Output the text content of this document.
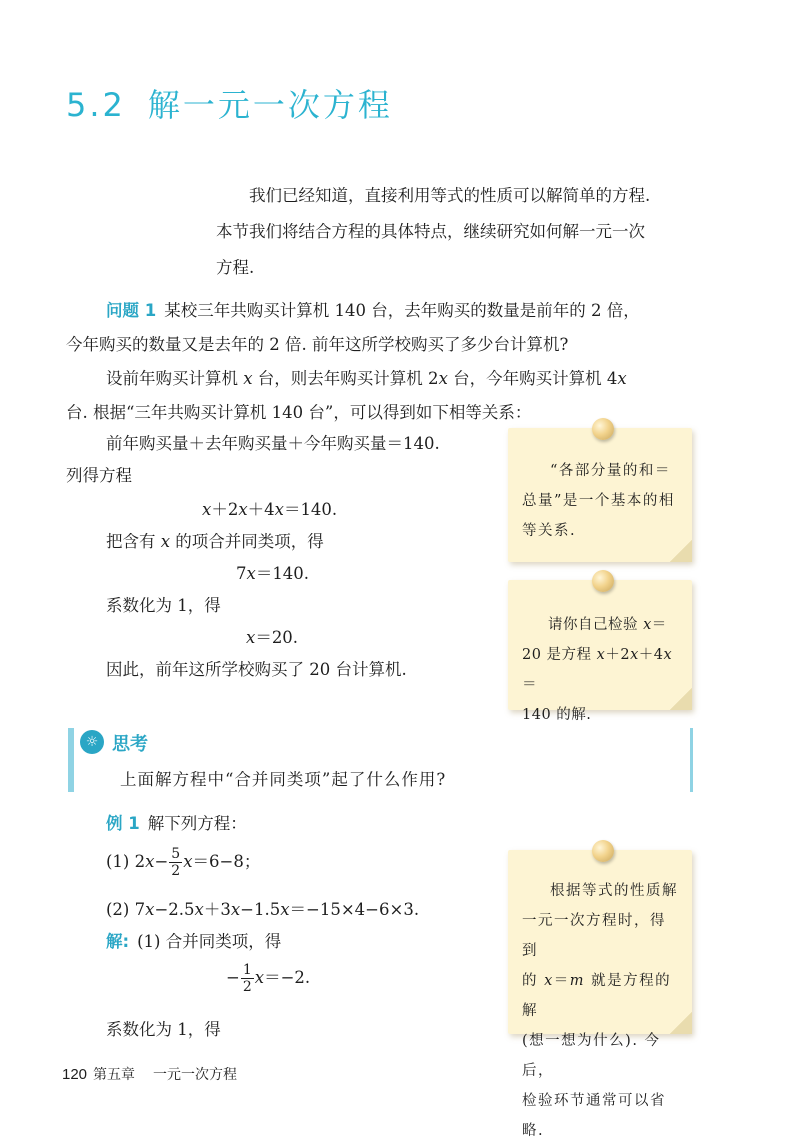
5.2 解一元一次方程
我们已经知道，直接利用等式的性质可以解简单的方程.
本节我们将结合方程的具体特点，继续研究如何解一元一次
方程.
问题 1 某校三年共购买计算机 140 台，去年购买的数量是前年的 2 倍，
今年购买的数量又是去年的 2 倍. 前年这所学校购买了多少台计算机?
设前年购买计算机 x 台，则去年购买计算机 2x 台，今年购买计算机 4x
台. 根据“三年共购买计算机 140 台”，可以得到如下相等关系：
前年购买量＋去年购买量＋今年购买量＝140.
列得方程
x＋2x＋4x＝140.
把含有 x 的项合并同类项，得
7x＝140.
系数化为 1，得
x＝20.
因此，前年这所学校购买了 20 台计算机.
“各部分量的和＝
总量”是一个基本的相
等关系.
请你自己检验 x＝
20 是方程 x＋2x＋4x＝
140 的解.
☼ 思考
上面解方程中“合并同类项”起了什么作用?
例 1 解下列方程：
(1) $2x- \frac{5}{2} x=6-8$；
(2) 7x−2.5x＋3x−1.5x＝−15×4−6×3.
解: (1) 合并同类项，得
− $\frac{1}{2} x=-2$.
系数化为 1，得
根据等式的性质解
一元一次方程时，得到
的 x＝m 就是方程的解
(想一想为什么). 今后，
检验环节通常可以省略.
120 第五章 一元一次方程
